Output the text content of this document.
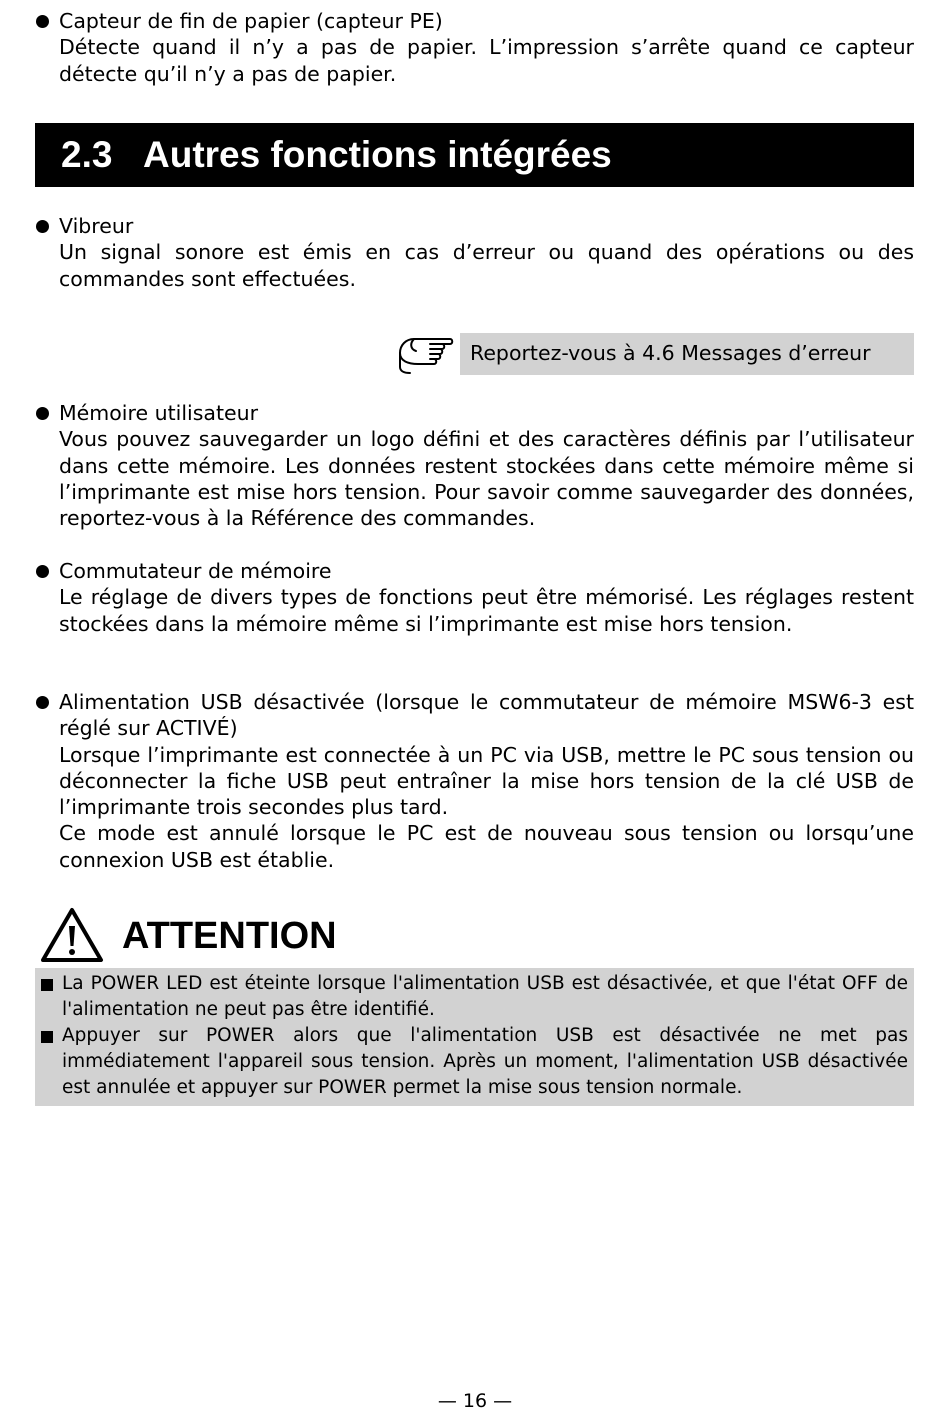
Capteur de fin de papier (capteur PE)
Détecte quand il n’y a pas de papier. L’impression s’arrête quand ce capteur détecte qu’il n’y a pas de papier.
2.3 Autres fonctions intégrées
Vibreur
Un signal sonore est émis en cas d’erreur ou quand des opérations ou des commandes sont effectuées.
Reportez-vous à 4.6 Messages d’erreur
Mémoire utilisateur
Vous pouvez sauvegarder un logo défini et des caractères définis par l’utilisateur dans cette mémoire. Les données restent stockées dans cette mémoire même si l’imprimante est mise hors tension. Pour savoir comme sauvegarder des données, reportez-vous à la Référence des commandes.
Commutateur de mémoire
Le réglage de divers types de fonctions peut être mémorisé. Les réglages restent stockées dans la mémoire même si l’imprimante est mise hors tension.
Alimentation USB désactivée (lorsque le commutateur de mémoire MSW6-3 est réglé sur ACTIVÉ)
Lorsque l’imprimante est connectée à un PC via USB, mettre le PC sous tension ou déconnecter la fiche USB peut entraîner la mise hors tension de la clé USB de l’imprimante trois secondes plus tard.
Ce mode est annulé lorsque le PC est de nouveau sous tension ou lorsqu’une connexion USB est établie.
ATTENTION
La POWER LED est éteinte lorsque l'alimentation USB est désactivée, et que l'état OFF de l'alimentation ne peut pas être identifié.
Appuyer sur POWER alors que l'alimentation USB est désactivée ne met pas immédiatement l'appareil sous tension. Après un moment, l'alimentation USB désactivée est annulée et appuyer sur POWER permet la mise sous tension normale.
— 16 —
